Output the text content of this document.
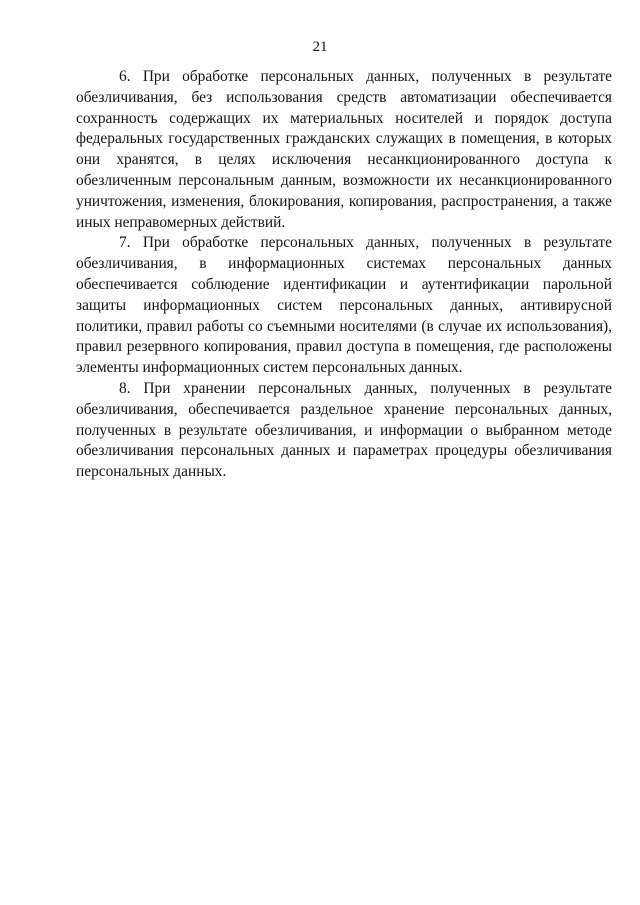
21

6. При обработке персональных данных, полученных в результате обезличивания, без использования средств автоматизации обеспечивается сохранность содержащих их материальных носителей и порядок доступа федеральных государственных гражданских служащих в помещения, в которых они хранятся, в целях исключения несанкционированного доступа к обезличенным персональным данным, возможности их несанкционированного уничтожения, изменения, блокирования, копирования, распространения, а также иных неправомерных действий.

7. При обработке персональных данных, полученных в результате обезличивания, в информационных системах персональных данных обеспечивается соблюдение идентификации и аутентификации парольной защиты информационных систем персональных данных, антивирусной политики, правил работы со съемными носителями (в случае их использования), правил резервного копирования, правил доступа в помещения, где расположены элементы информационных систем персональных данных.

8. При хранении персональных данных, полученных в результате обезличивания, обеспечивается раздельное хранение персональных данных, полученных в результате обезличивания, и информации о выбранном методе обезличивания персональных данных и параметрах процедуры обезличивания персональных данных.
